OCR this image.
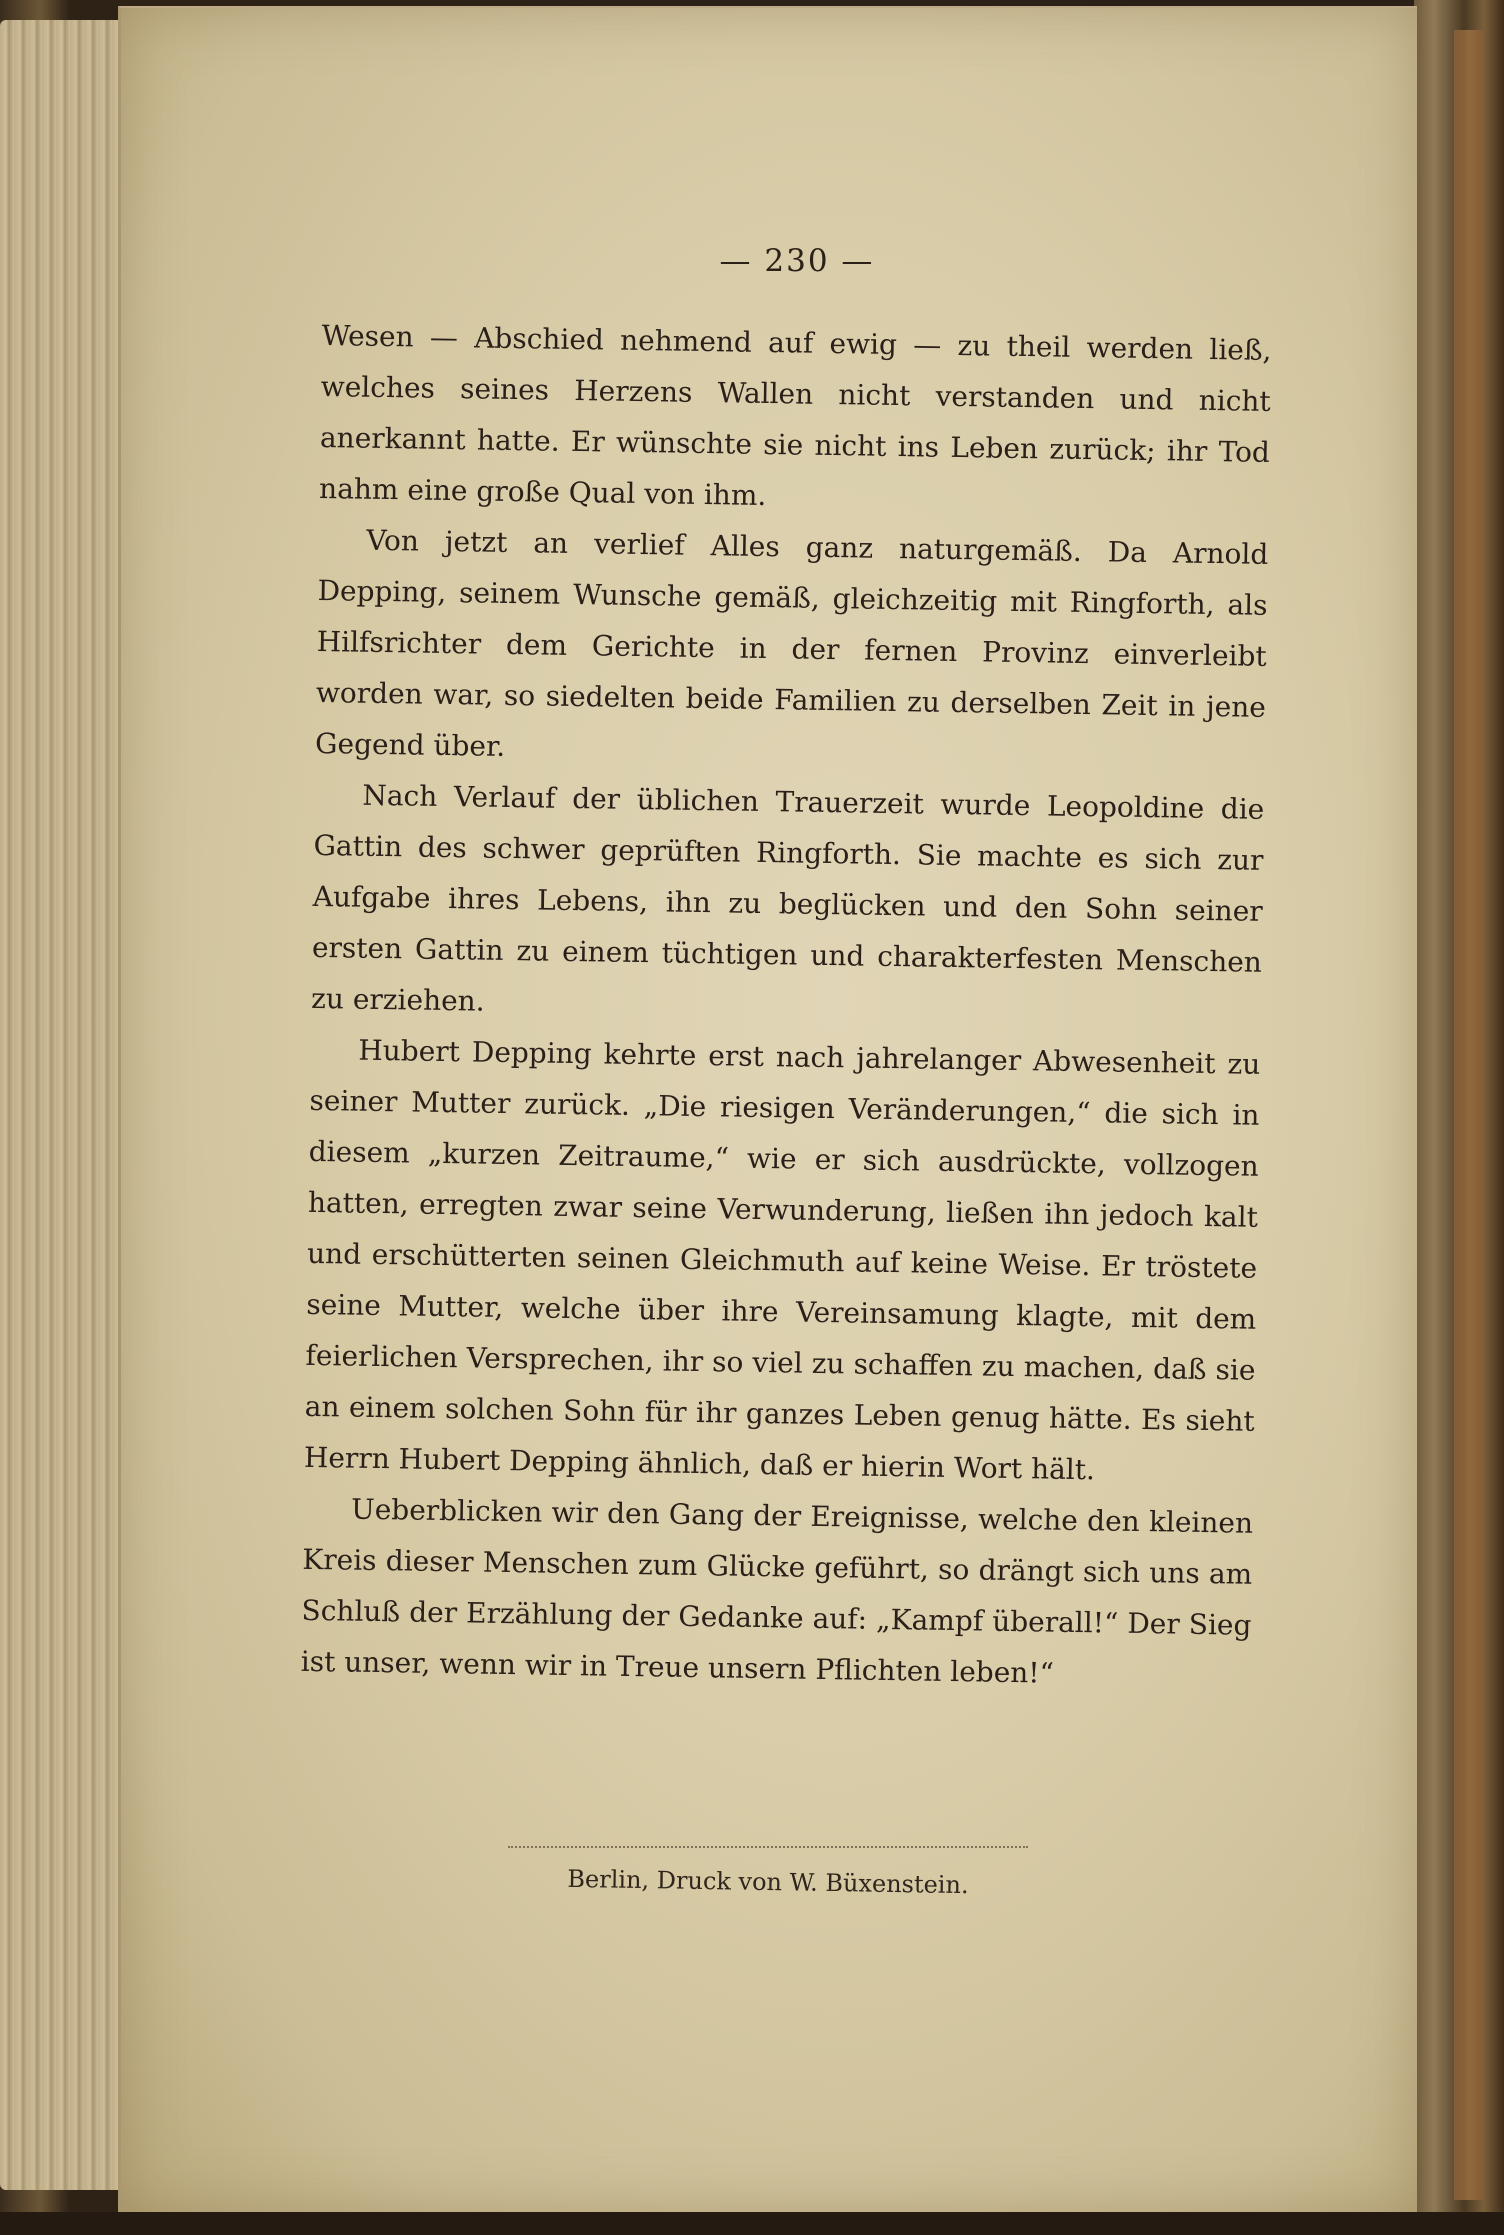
— 230 —

Wesen — Abschied nehmend auf ewig — zu theil werden ließ, welches seines Herzens Wallen nicht verstanden und nicht anerkannt hatte. Er wünschte sie nicht ins Leben zurück; ihr Tod nahm eine große Qual von ihm.

Von jetzt an verlief Alles ganz naturgemäß. Da Arnold Depping, seinem Wunsche gemäß, gleichzeitig mit Ringforth, als Hilfsrichter dem Gerichte in der fernen Provinz einverleibt worden war, so siedelten beide Familien zu derselben Zeit in jene Gegend über.

Nach Verlauf der üblichen Trauerzeit wurde Leopoldine die Gattin des schwer geprüften Ringforth. Sie machte es sich zur Aufgabe ihres Lebens, ihn zu beglücken und den Sohn seiner ersten Gattin zu einem tüchtigen und charakterfesten Menschen zu erziehen.

Hubert Depping kehrte erst nach jahrelanger Abwesenheit zu seiner Mutter zurück. „Die riesigen Veränderungen,“ die sich in diesem „kurzen Zeitraume,“ wie er sich ausdrückte, vollzogen hatten, erregten zwar seine Verwunderung, ließen ihn jedoch kalt und erschütterten seinen Gleichmuth auf keine Weise. Er tröstete seine Mutter, welche über ihre Vereinsamung klagte, mit dem feierlichen Versprechen, ihr so viel zu schaffen zu machen, daß sie an einem solchen Sohn für ihr ganzes Leben genug hätte. Es sieht Herrn Hubert Depping ähnlich, daß er hierin Wort hält.

Ueberblicken wir den Gang der Ereignisse, welche den kleinen Kreis dieser Menschen zum Glücke geführt, so drängt sich uns am Schluß der Erzählung der Gedanke auf: „Kampf überall!“ Der Sieg ist unser, wenn wir in Treue unsern Pflichten leben!“

Berlin, Druck von W. Büxenstein.
